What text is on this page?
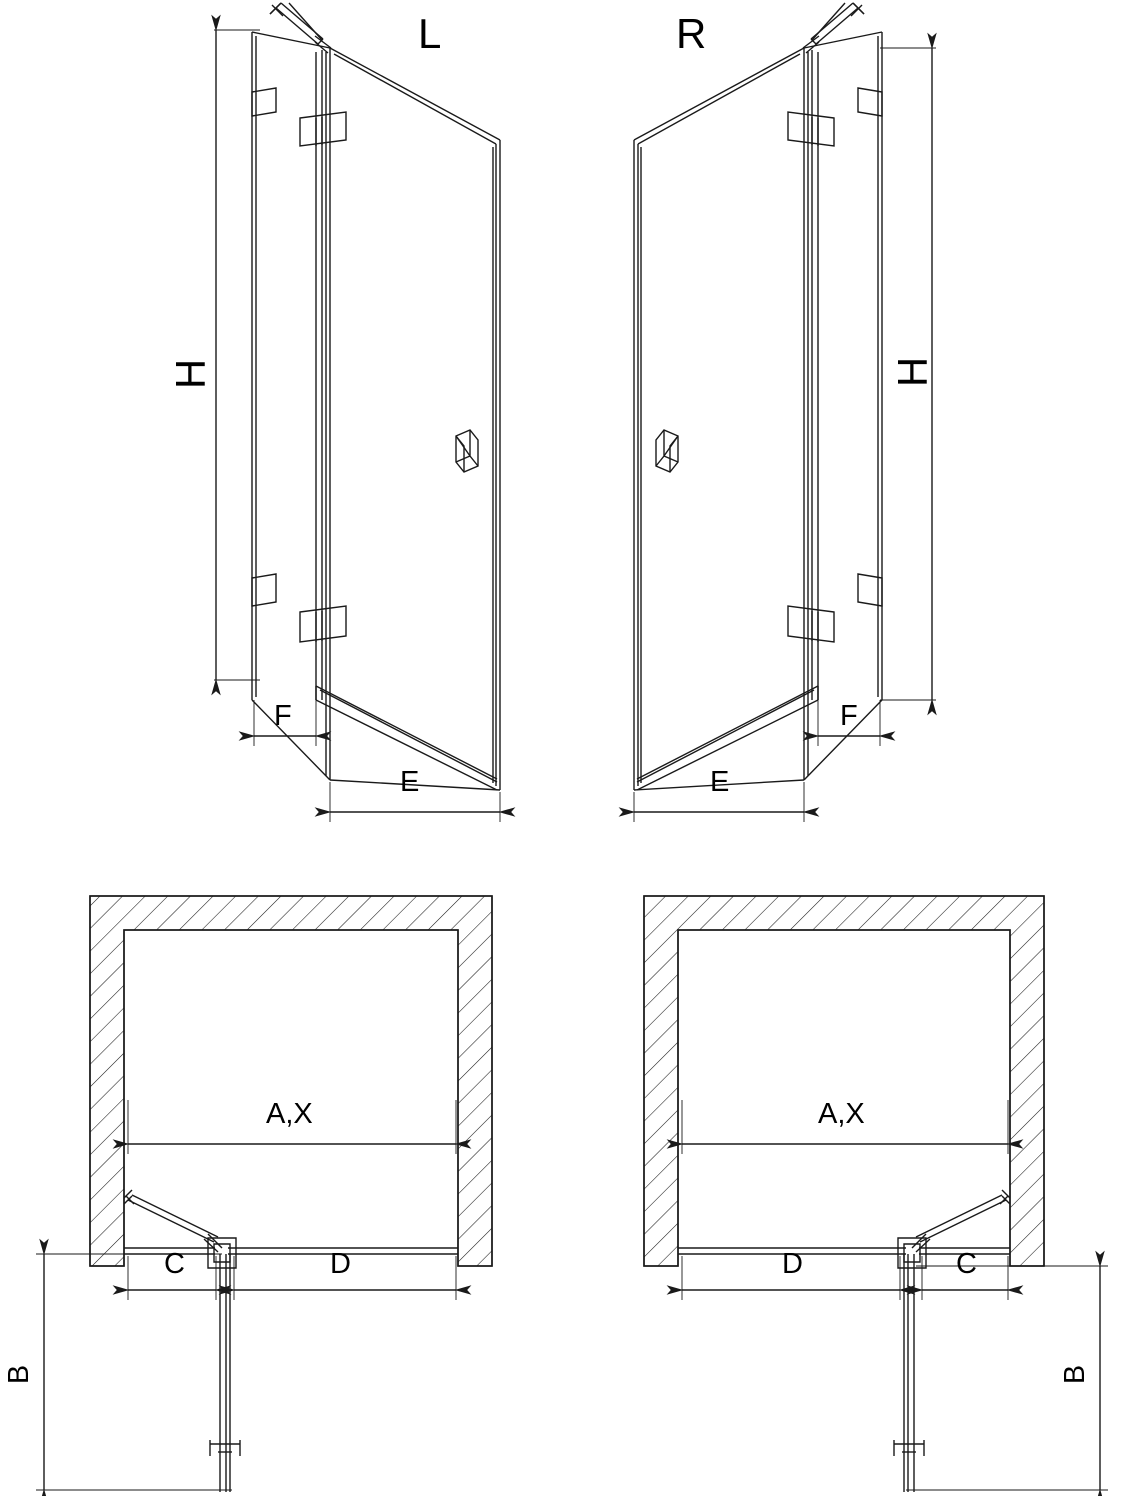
L	R
H	H
F	F
E	E
A,X	A,X
C	D	D	C
B	B
